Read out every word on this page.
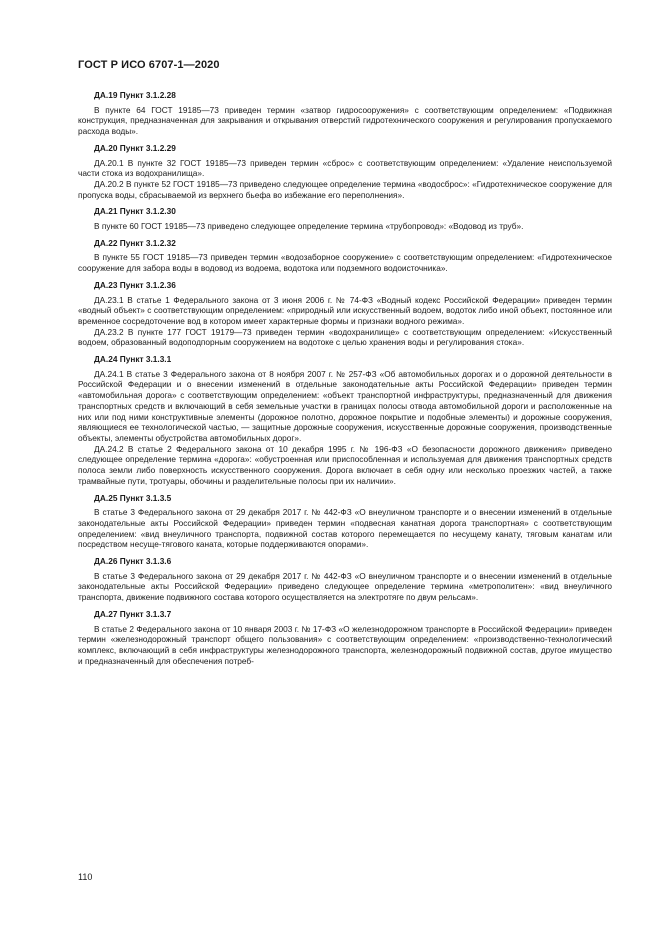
ГОСТ Р ИСО 6707-1—2020
ДА.19 Пункт 3.1.2.28

В пункте 64 ГОСТ 19185—73 приведен термин «затвор гидросооружения» с соответствующим определением: «Подвижная конструкция, предназначенная для закрывания и открывания отверстий гидротехнического сооружения и регулирования пропускаемого расхода воды».

ДА.20 Пункт 3.1.2.29

ДА.20.1 В пункте 32 ГОСТ 19185—73 приведен термин «сброс» с соответствующим определением: «Удаление неиспользуемой части стока из водохранилища».

ДА.20.2 В пункте 52 ГОСТ 19185—73 приведено следующее определение термина «водосброс»: «Гидротехническое сооружение для пропуска воды, сбрасываемой из верхнего бьефа во избежание его переполнения».

ДА.21 Пункт 3.1.2.30

В пункте 60 ГОСТ 19185—73 приведено следующее определение термина «трубопровод»: «Водовод из труб».

ДА.22 Пункт 3.1.2.32

В пункте 55 ГОСТ 19185—73 приведен термин «водозаборное сооружение» с соответствующим определением: «Гидротехническое сооружение для забора воды в водовод из водоема, водотока или подземного водоисточника».

ДА.23 Пункт 3.1.2.36

ДА.23.1 В статье 1 Федерального закона от 3 июня 2006 г. № 74-ФЗ «Водный кодекс Российской Федерации» приведен термин «водный объект» с соответствующим определением: «природный или искусственный водоем, водоток либо иной объект, постоянное или временное сосредоточение вод в котором имеет характерные формы и признаки водного режима».

ДА.23.2 В пункте 177 ГОСТ 19179—73 приведен термин «водохранилище» с соответствующим определением: «Искусственный водоем, образованный водоподпорным сооружением на водотоке с целью хранения воды и регулирования стока».

ДА.24 Пункт 3.1.3.1

ДА.24.1 В статье 3 Федерального закона от 8 ноября 2007 г. № 257-ФЗ «Об автомобильных дорогах и о дорожной деятельности в Российской Федерации и о внесении изменений в отдельные законодательные акты Российской Федерации» приведен термин «автомобильная дорога» с соответствующим определением: «объект транспортной инфраструктуры, предназначенный для движения транспортных средств и включающий в себя земельные участки в границах полосы отвода автомобильной дороги и расположенные на них или под ними конструктивные элементы (дорожное полотно, дорожное покрытие и подобные элементы) и дорожные сооружения, являющиеся ее технологической частью, — защитные дорожные сооружения, искусственные дорожные сооружения, производственные объекты, элементы обустройства автомобильных дорог».

ДА.24.2 В статье 2 Федерального закона от 10 декабря 1995 г. № 196-ФЗ «О безопасности дорожного движения» приведено следующее определение термина «дорога»: «обустроенная или приспособленная и используемая для движения транспортных средств полоса земли либо поверхность искусственного сооружения. Дорога включает в себя одну или несколько проезжих частей, а также трамвайные пути, тротуары, обочины и разделительные полосы при их наличии».

ДА.25 Пункт 3.1.3.5

В статье 3 Федерального закона от 29 декабря 2017 г. № 442-ФЗ «О внеуличном транспорте и о внесении изменений в отдельные законодательные акты Российской Федерации» приведен термин «подвесная канатная дорога транспортная» с соответствующим определением: «вид внеуличного транспорта, подвижной состав которого перемещается по несущему канату, тяговым канатам или посредством несуще-тягового каната, которые поддерживаются опорами».

ДА.26 Пункт 3.1.3.6

В статье 3 Федерального закона от 29 декабря 2017 г. № 442-ФЗ «О внеуличном транспорте и о внесении изменений в отдельные законодательные акты Российской Федерации» приведено следующее определение термина «метрополитен»: «вид внеуличного транспорта, движение подвижного состава которого осуществляется на электротяге по двум рельсам».

ДА.27 Пункт 3.1.3.7

В статье 2 Федерального закона от 10 января 2003 г. № 17-ФЗ «О железнодорожном транспорте в Российской Федерации» приведен термин «железнодорожный транспорт общего пользования» с соответствующим определением: «производственно-технологический комплекс, включающий в себя инфраструктуры железнодорожного транспорта, железнодорожный подвижной состав, другое имущество и предназначенный для обеспечения потреб-

110
